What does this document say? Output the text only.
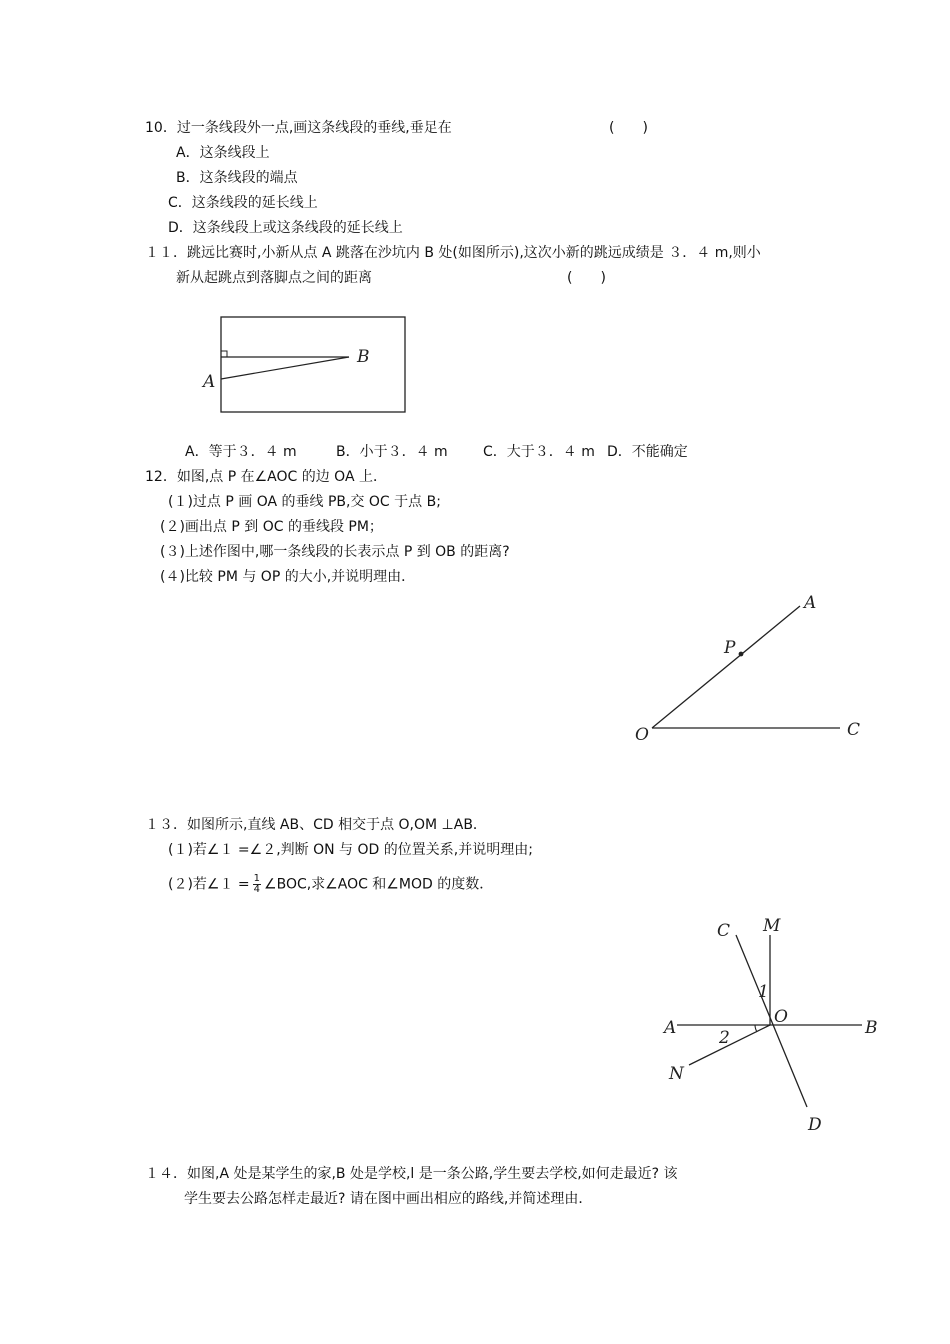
10．过一条线段外一点,画这条线段的垂线,垂足在	(　　)
A．这条线段上
B．这条线段的端点
C．这条线段的延长线上
D．这条线段上或这条线段的延长线上
１１．跳远比赛时,小新从点 A 跳落在沙坑内 B 处(如图所示),这次小新的跳远成绩是 ３．４ m,则小
新从起跳点到落脚点之间的距离	(　　)
A
B
A．等于３．４ m	B．小于３．４ m	C．大于３．４ m D．不能确定
12．如图,点 P 在∠AOC 的边 OA 上．
(１)过点 P 画 OA 的垂线 PB,交 OC 于点 B;
(２)画出点 P 到 OC 的垂线段 PM；
(３)上述作图中,哪一条线段的长表示点 P 到 OB 的距离?
(４)比较 PM 与 OP 的大小,并说明理由．
A
P
O	C
１３．如图所示,直线 AB、CD 相交于点 O,OM ⊥AB．
(１)若∠１ =∠２,判断 ON 与 OD 的位置关系,并说明理由;
(２)若∠１ = $\frac{1}{4}$ ∠BOC,求∠AOC 和∠MOD 的度数．
C M
O
A	B
N
D
1
2
１４．如图,A 处是某学生的家,B 处是学校,l 是一条公路,学生要去学校,如何走最近? 该
学生要去公路怎样走最近? 请在图中画出相应的路线,并简述理由．
